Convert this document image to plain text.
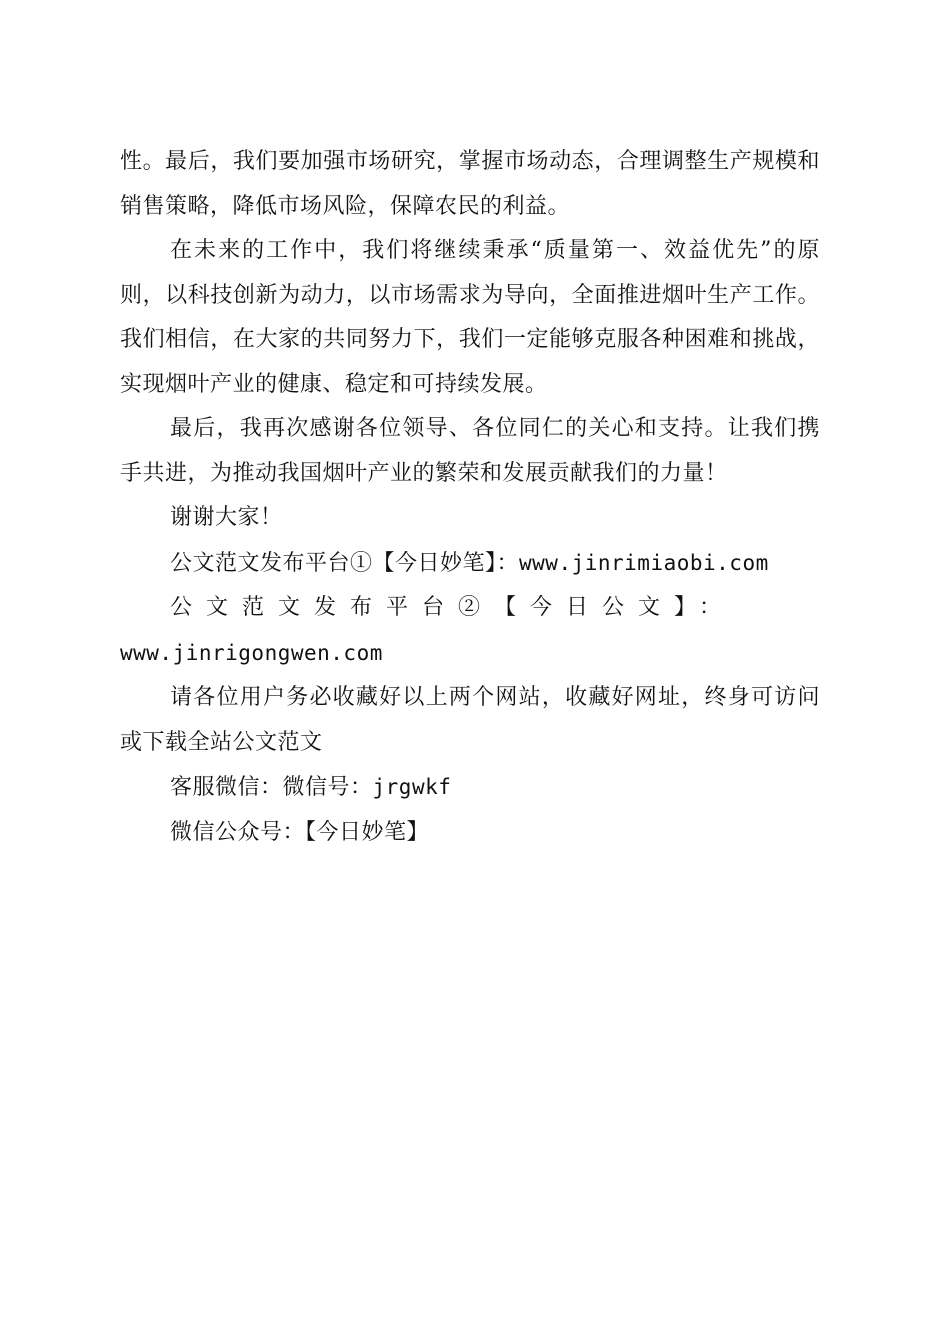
性。最后，我们要加强市场研究，掌握市场动态，合理调整生产规模和销售策略，降低市场风险，保障农民的利益。

在未来的工作中，我们将继续秉承“质量第一、效益优先”的原则，以科技创新为动力，以市场需求为导向，全面推进烟叶生产工作。我们相信，在大家的共同努力下，我们一定能够克服各种困难和挑战，实现烟叶产业的健康、稳定和可持续发展。

最后，我再次感谢各位领导、各位同仁的关心和支持。让我们携手共进，为推动我国烟叶产业的繁荣和发展贡献我们的力量！

谢谢大家！

公文范文发布平台①【今日妙笔】：www.jinrimiaobi.com

公文范文发布平台②【今日公文】：
www.jinrigongwen.com

请各位用户务必收藏好以上两个网站，收藏好网址，终身可访问或下载全站公文范文

客服微信：微信号：jrgwkf

微信公众号：【今日妙笔】
